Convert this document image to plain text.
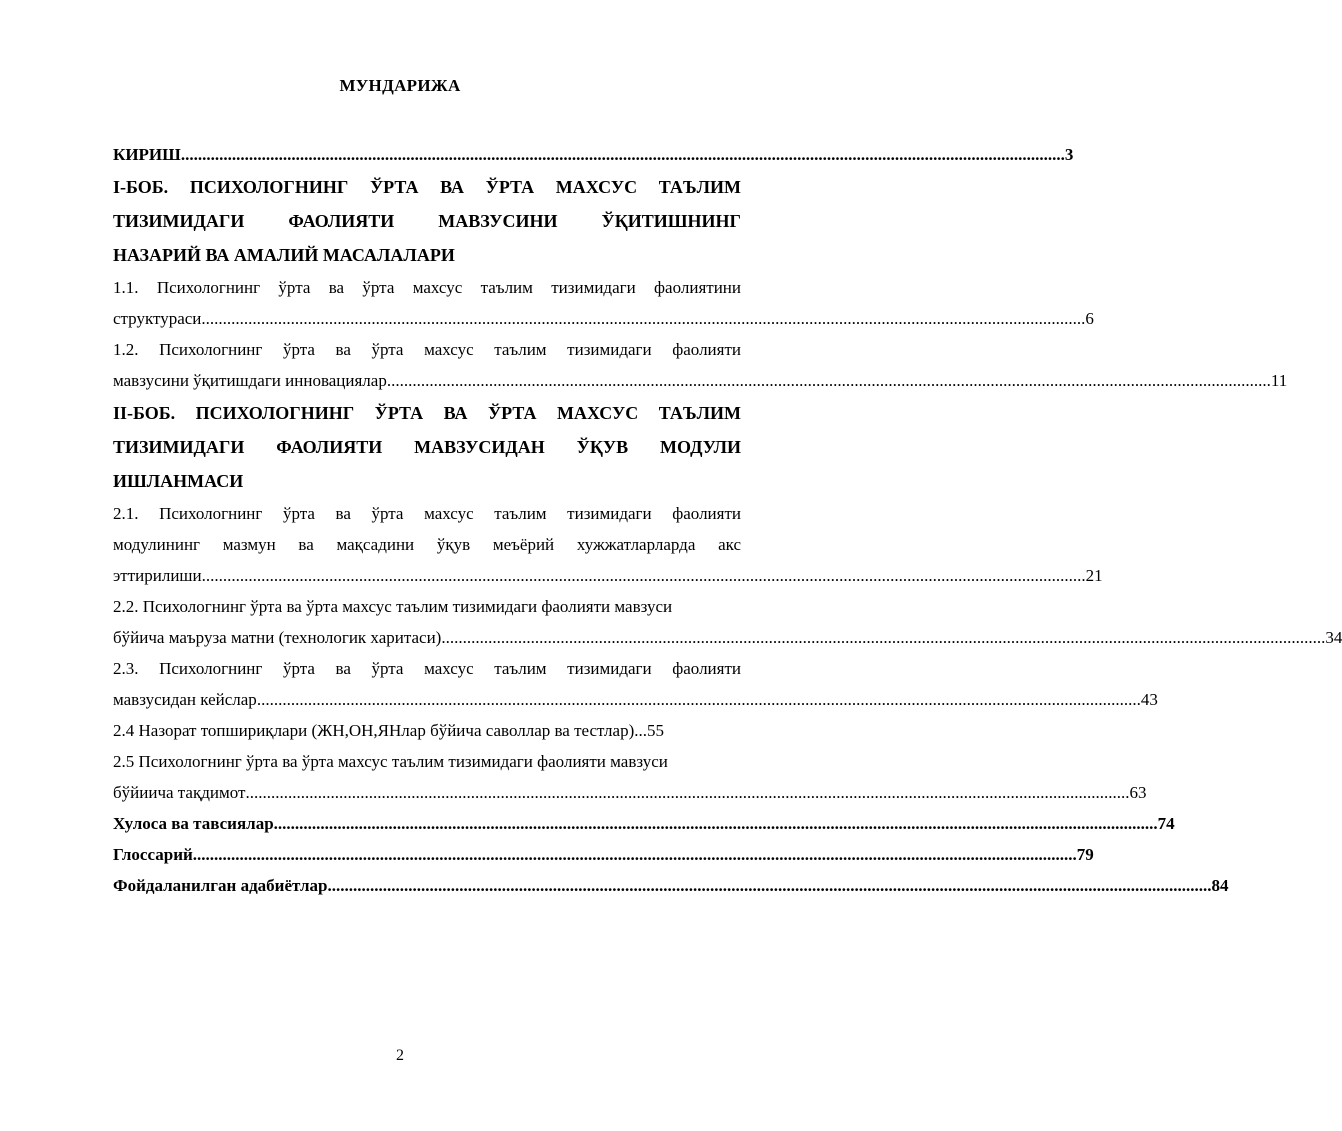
МУНДАРИЖА
КИРИШ ................................................................................................................................................................................................................ 3
I-БОБ. ПСИХОЛОГНИНГ ЎРТА ВА ЎРТА МАХСУС ТАЪЛИМ
ТИЗИМИДАГИ ФАОЛИЯТИ МАВЗУСИНИ ЎҚИТИШНИНГ
НАЗАРИЙ ВА АМАЛИЙ МАСАЛАЛАРИ
1.1. Психологнинг ўрта ва ўрта махсус таълим тизимидаги фаолиятини
структураси ................................................................................................................................................................................................................ 6
1.2. Психологнинг ўрта ва ўрта махсус таълим тизимидаги фаолияти
мавзусини ўқитишдаги инновациялар ................................................................................................................................................................................................................ 11
II-БОБ. ПСИХОЛОГНИНГ ЎРТА ВА ЎРТА МАХСУС ТАЪЛИМ
ТИЗИМИДАГИ ФАОЛИЯТИ МАВЗУСИДАН ЎҚУВ МОДУЛИ
ИШЛАНМАСИ
2.1. Психологнинг ўрта ва ўрта махсус таълим тизимидаги фаолияти
модулининг мазмун ва мақсадини ўқув меъёрий хужжатларларда акс
эттирилиши ................................................................................................................................................................................................................ 21
2.2. Психологнинг ўрта ва ўрта махсус таълим тизимидаги фаолияти мавзуси
бўйича маъруза матни (технологик харитаси) ................................................................................................................................................................................................................ 34
2.3. Психологнинг ўрта ва ўрта махсус таълим тизимидаги фаолияти
мавзусидан кейслар ................................................................................................................................................................................................................ 43
2.4 Назорат топшириқлари (ЖН,ОН,ЯНлар бўйича саволлар ва тестлар) ... 55
2.5 Психологнинг ўрта ва ўрта махсус таълим тизимидаги фаолияти мавзуси
бўйиича тақдимот ................................................................................................................................................................................................................ 63
Хулоса ва тавсиялар ................................................................................................................................................................................................................ 74
Глоссарий ................................................................................................................................................................................................................ 79
Фойдаланилган адабиётлар ................................................................................................................................................................................................................ 84
2
